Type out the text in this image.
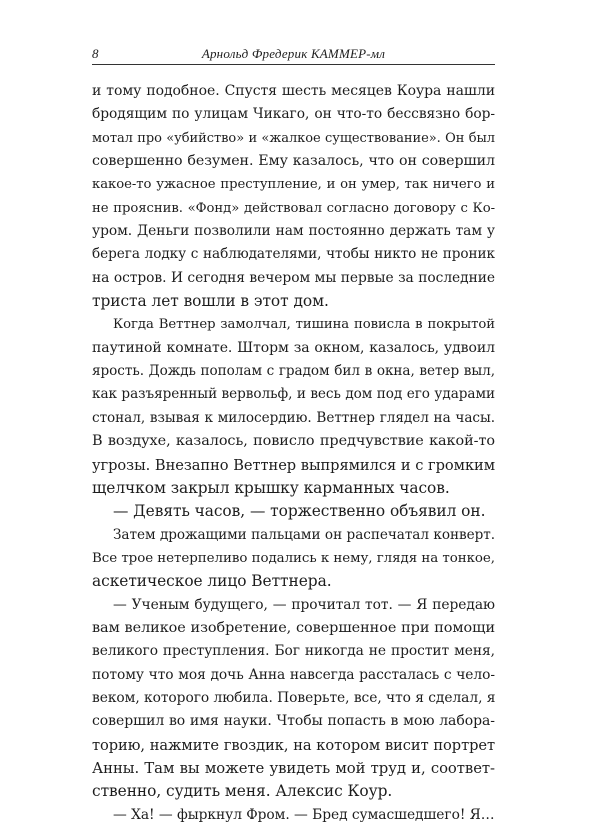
8	Арнольд Фредерик КАММЕР-мл
и тому подобное. Спустя шесть месяцев Коура нашли
бродящим по улицам Чикаго, он что-то бессвязно бор-
мотал про «убийство» и «жалкое существование». Он был
совершенно безумен. Ему казалось, что он совершил
какое-то ужасное преступление, и он умер, так ничего и
не прояснив. «Фонд» действовал согласно договору с Ко-
уром. Деньги позволили нам постоянно держать там у
берега лодку с наблюдателями, чтобы никто не проник
на остров. И сегодня вечером мы первые за последние
триста лет вошли в этот дом.
Когда Веттнер замолчал, тишина повисла в покрытой
паутиной комнате. Шторм за окном, казалось, удвоил
ярость. Дождь пополам с градом бил в окна, ветер выл,
как разъяренный вервольф, и весь дом под его ударами
стонал, взывая к милосердию. Веттнер глядел на часы.
В воздухе, казалось, повисло предчувствие какой-то
угрозы. Внезапно Веттнер выпрямился и с громким
щелчком закрыл крышку карманных часов.
— Девять часов, — торжественно объявил он.
Затем дрожащими пальцами он распечатал конверт.
Все трое нетерпеливо подались к нему, глядя на тонкое,
аскетическое лицо Веттнера.
— Ученым будущего, — прочитал тот. — Я передаю
вам великое изобретение, совершенное при помощи
великого преступления. Бог никогда не простит меня,
потому что моя дочь Анна навсегда рассталась с чело-
веком, которого любила. Поверьте, все, что я сделал, я
совершил во имя науки. Чтобы попасть в мою лабора-
торию, нажмите гвоздик, на котором висит портрет
Анны. Там вы можете увидеть мой труд и, соответ-
ственно, судить меня. Алексис Коур.
— Ха! — фыркнул Фром. — Бред сумасшедшего! Я…
